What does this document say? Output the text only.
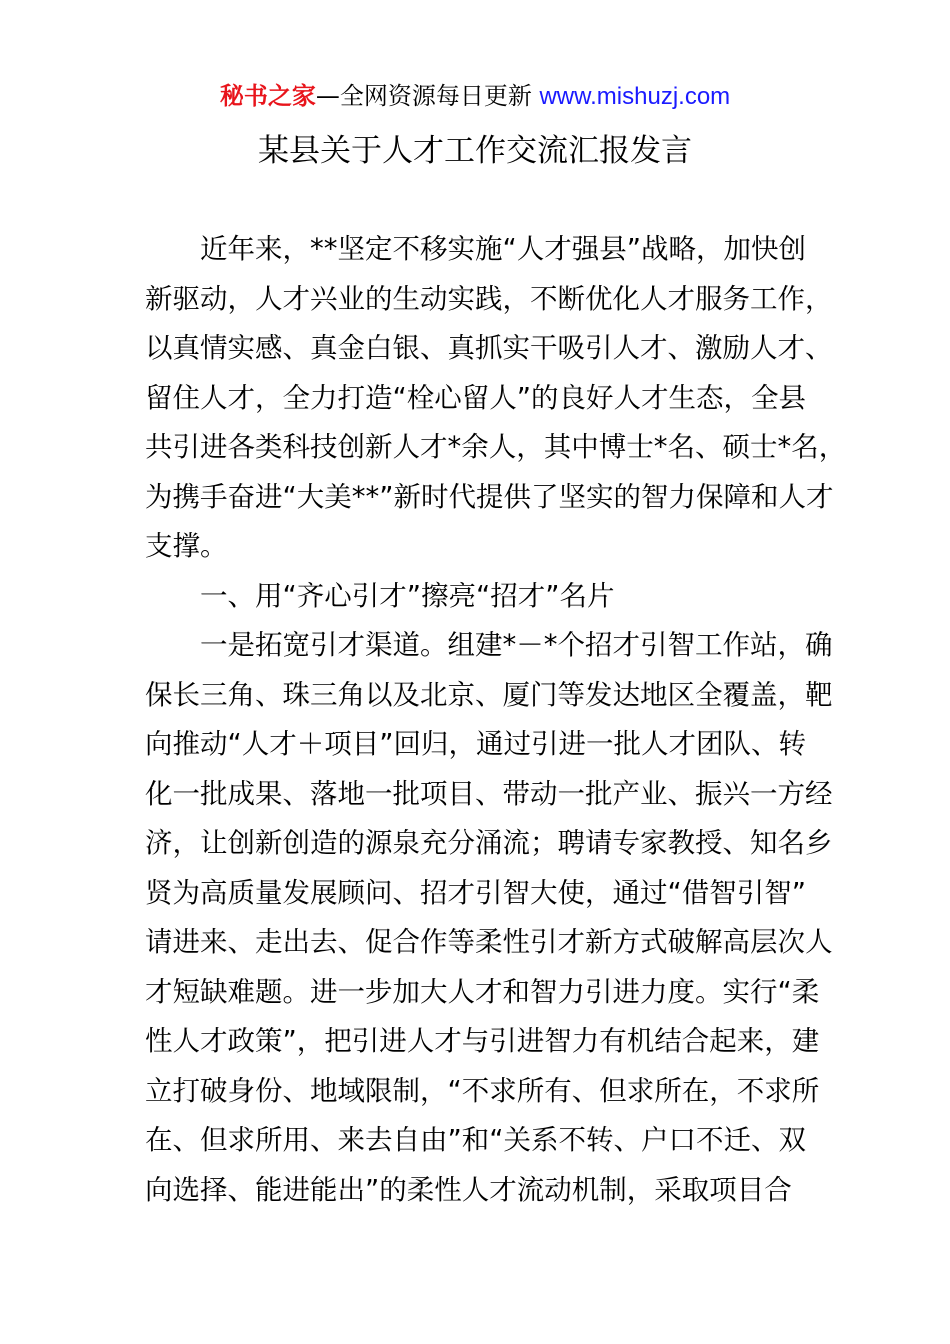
秘书之家—全网资源每日更新 www.mishuzj.com
某县关于人才工作交流汇报发言

近年来，**坚定不移实施“人才强县”战略，加快创
新驱动，人才兴业的生动实践，不断优化人才服务工作，
以真情实感、真金白银、真抓实干吸引人才、激励人才、
留住人才，全力打造“栓心留人”的良好人才生态，全县
共引进各类科技创新人才*余人，其中博士*名、硕士*名，
为携手奋进“大美**”新时代提供了坚实的智力保障和人才
支撑。

一、用“齐心引才”擦亮“招才”名片

一是拓宽引才渠道。组建*－*个招才引智工作站，确
保长三角、珠三角以及北京、厦门等发达地区全覆盖，靶
向推动“人才＋项目”回归，通过引进一批人才团队、转
化一批成果、落地一批项目、带动一批产业、振兴一方经
济，让创新创造的源泉充分涌流；聘请专家教授、知名乡
贤为高质量发展顾问、招才引智大使，通过“借智引智”
请进来、走出去、促合作等柔性引才新方式破解高层次人
才短缺难题。进一步加大人才和智力引进力度。实行“柔
性人才政策”，把引进人才与引进智力有机结合起来，建
立打破身份、地域限制，“不求所有、但求所在，不求所
在、但求所用、来去自由”和“关系不转、户口不迁、双
向选择、能进能出”的柔性人才流动机制，采取项目合
